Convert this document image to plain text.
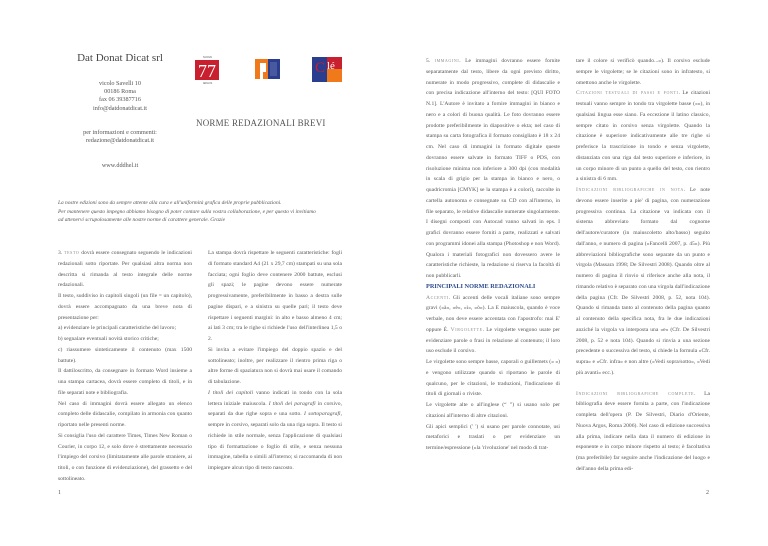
Dat Donat Dicat srl
vicolo Savelli 10
00186 Roma
fax 06 39387716
info@datdonatdicat.it
per informazioni e commenti:
redazione@datdonatdicat.it
www.dddhel.it
NUOVA
77
ARGOS
C lé
NORME REDAZIONALI BREVI
La nostre edizioni sono da sempre attente alla cura e all'uniformità grafica delle proprie pubblicazioni.
Per mantenere questo impegno abbiamo bisogno di poter contare sulla vostra collaborazione, e per questo vi invitiamo
ad attenervi scrupolosamente alle nostre norme di carattere generale. Grazie

3. testo dovrà essere consegnato seguendo le indicazioni redazionali sotto riportate. Per qualsiasi altra norma non descritta si rimanda al testo integrale delle norme redazionali.

Il testo, suddiviso in capitoli singoli (un file = un capitolo), dovrà essere accompagnato da una breve nota di presentazione per:

a) evidenziare le principali caratteristiche del lavoro;

b) segnalare eventuali novità storico critiche;

c) riassumere sinteticamente il contenuto (max 1500 battute).

Il dattiloscritto, da consegnare in formato Word insieme a una stampa cartacea, dovrà essere completo di titoli, e in file separati note e bibliografia.

Nel caso di immagini dovrà essere allegato un elenco completo delle didascalie, compilato in armonia con quanto riportato nelle presenti norme.

Si consiglia l'uso del carattere Times, Times New Roman o Courier, in corpo 12, e solo dove è strettamente necessario l'impiego del corsivo (limitatamente alle parole straniere, ai titoli, o con funzione di evidenziazione), del grassetto e del sottolineato.

La stampa dovrà rispettare le seguenti caratteristiche: fogli di formato standard A4 (21 x 29,7 cm) stampati su una sola facciata; ogni foglio deve contenere 2000 battute, esclusi gli spazi; le pagine devono essere numerate progressivamente, preferibilmente in basso a destra sulle pagine dispari, e a sinistra su quelle pari; il testo deve rispettare i seguenti margini: in alto e basso almeno 4 cm; ai lati 3 cm; tra le righe si richiede l'uso dell'interlinea 1,5 o 2.

Si invita a evitare l'impiego del doppio spazio e del sottolineato; inoltre, per realizzare il rientro prima riga o altre forme di spaziatura non si dovrà mai usare il comando di tabulazione.

I titoli dei capitoli vanno indicati in tondo con la sola lettera iniziale maiuscola. I titoli dei paragrafi in corsivo, separati da due righe sopra e una sotto. I sottoparagrafi, sempre in corsivo, separati solo da una riga sopra. Il testo si richiede in stile normale, senza l'applicazione di qualsiasi tipo di formattazione o foglio di stile, e senza nessuna immagine, tabella o simili all'interno; si raccomanda di non impiegare alcun tipo di testo nascosto.

1

5. immagini. Le immagini dovranno essere fornite separatamente dal testo, libere da ogni previsto diritto, numerate in modo progressivo, complete di didascalie e con precisa indicazione all'interno del testo: [QUI FOTO N.1]. L'Autore è invitato a fornire immagini in bianco e nero e a colori di buona qualità. Le foto dovranno essere prodotte preferibilmente in diapositive o ekta; nel caso di stampa su carta fotografica il formato consigliato è 18 x 24 cm. Nel caso di immagini in formato digitale queste dovranno essere salvate in formato TIFF o PDS, con risoluzione minima non inferiore a 300 dpi (con modalità in scala di grigio per la stampa in bianco e nero, o quadricromia [CMYK] se la stampa è a colori), raccolte in cartella autonoma e consegnate su CD con all'interno, in file separato, le relative didascalie numerate singolarmente. I disegni composti con Autocad vanno salvati in eps. I grafici dovranno essere forniti a parte, realizzati e salvati con programmi idonei alla stampa (Photoshop e non Word). Qualora i materiali fotografici non dovessero avere le caratteristiche richieste, la redazione si riserva la facoltà di non pubblicarli.

PRINCIPALI NORME REDAZIONALI

Accenti. Gli accenti delle vocali italiane sono sempre gravi («à», «è», «ì», «ò»). La E maiuscola, quando è voce verbale, non deve essere accentata con l'apostrofo: mai E' oppure É. Virgolette. Le virgolette vengono usate per evidenziare parole o frasi in relazione al contenuto; il loro uso esclude il corsivo.

Le virgolette sono sempre basse, caporali o guillemets (« ») e vengono utilizzate quando si riportano le parole di qualcuno, per le citazioni, le traduzioni, l'indicazione di titoli di giornali o riviste.

Le virgolette alte o all'inglese (“ ”) si usano solo per citazioni all'interno di altre citazioni.

Gli apici semplici (' ') si usano per parole connotate, usi metaforici e traslati o per evidenziare un termine/espressione («la 'rivoluzione' nel modo di trat-

tare il colore si verificò quando...»). Il corsivo esclude sempre le virgolette; se le citazioni sono in infratesto, si omettono anche le virgolette.

Citazioni testuali di passi e fonti. Le citazioni testuali vanno sempre in tondo tra virgolette basse («»), in qualsiasi lingua esse siano. Fa eccezione il latino classico, sempre citato in corsivo senza virgolette. Quando la citazione è superiore indicativamente alle tre righe si preferisce la trascrizione in tondo e senza virgolette, distanziata con una riga dal testo superiore e inferiore, in un corpo minore di un punto a quello del testo, con rientro a sinistra di 6 mm.

Indicazioni bibliografiche in nota. Le note devono essere inserite a pie' di pagina, con numerazione progressiva continua. La citazione va indicata con il sistema abbreviato formato dal cognome dell'autore/curatore (in maiuscoletto alto/basso) seguito dall'anno, e numero di pagina («Fancelli 2007, p. 45»). Più abbreviazioni bibliografiche sono separate da un punto e virgola (Massara 1998; De Silvestri 2008). Quando oltre al numero di pagina il rinvio si riferisce anche alla nota, il rimando relativo è separato con una virgola dall'indicazione della pagina (Cfr. De Silvestri 2008, p. 52, nota 104). Quando si rimanda tanto al contenuto della pagina quanto al contenuto della specifica nota, fra le due indicazioni anziché la virgola va interposta una «e» (Cfr. De Silvestri 2008, p. 52 e nota 104). Quando si rinvia a una sezione precedente o successiva del testo, si chiede la formula «Cfr. supra» e «Cfr. infra» e non altre («Vedi sopra/sotto», «Vedi più avanti» ecc.).

Indicazioni bibliografiche complete. La bibliografia deve essere fornita a parte, con l'indicazione completa dell'opera (P. De Silvestri, Diario d'Oriente, Nuova Argos, Roma 2006). Nel caso di edizione successiva alla prima, indicare nella data il numero di edizione in esponente e in corpo minore rispetto al testo; è facoltativa (ma preferibile) far seguire anche l'indicazione del luogo e dell'anno della prima edi-

2
